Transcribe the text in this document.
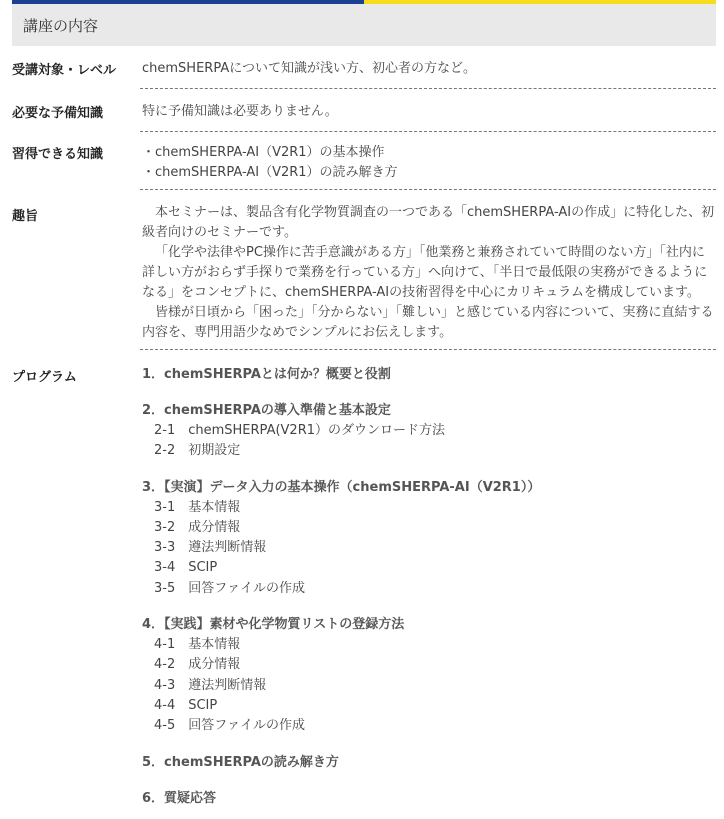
講座の内容
受講対象・レベル	chemSHERPAについて知識が浅い方、初心者の方など。
必要な予備知識	特に予備知識は必要ありません。
習得できる知識	・chemSHERPA-AI（V2R1）の基本操作
・chemSHERPA-AI（V2R1）の読み解き方
趣旨	本セミナーは、製品含有化学物質調査の一つである「chemSHERPA-AIの作成」に特化した、初級者向けのセミナーです。

「化学や法律やPC操作に苦手意識がある方」「他業務と兼務されていて時間のない方」「社内に詳しい方がおらず手探りで業務を行っている方」へ向けて、「半日で最低限の実務ができるようになる」をコンセプトに、chemSHERPA-AIの技術習得を中心にカリキュラムを構成しています。

皆様が日頃から「困った」「分からない」「難しい」と感じている内容について、実務に直結する内容を、専門用語少なめでシンプルにお伝えします。

プログラム	1．chemSHERPAとは何か？概要と役割
2．chemSHERPAの導入準備と基本設定
2-1　chemSHERPA(V2R1）のダウンロード方法
2-2　初期設定
3．【実演】データ入力の基本操作（chemSHERPA-AI（V2R1））
3-1　基本情報
3-2　成分情報
3-3　遵法判断情報
3-4　SCIP
3-5　回答ファイルの作成
4．【実践】素材や化学物質リストの登録方法
4-1　基本情報
4-2　成分情報
4-3　遵法判断情報
4-4　SCIP
4-5　回答ファイルの作成
5．chemSHERPAの読み解き方
6．質疑応答
